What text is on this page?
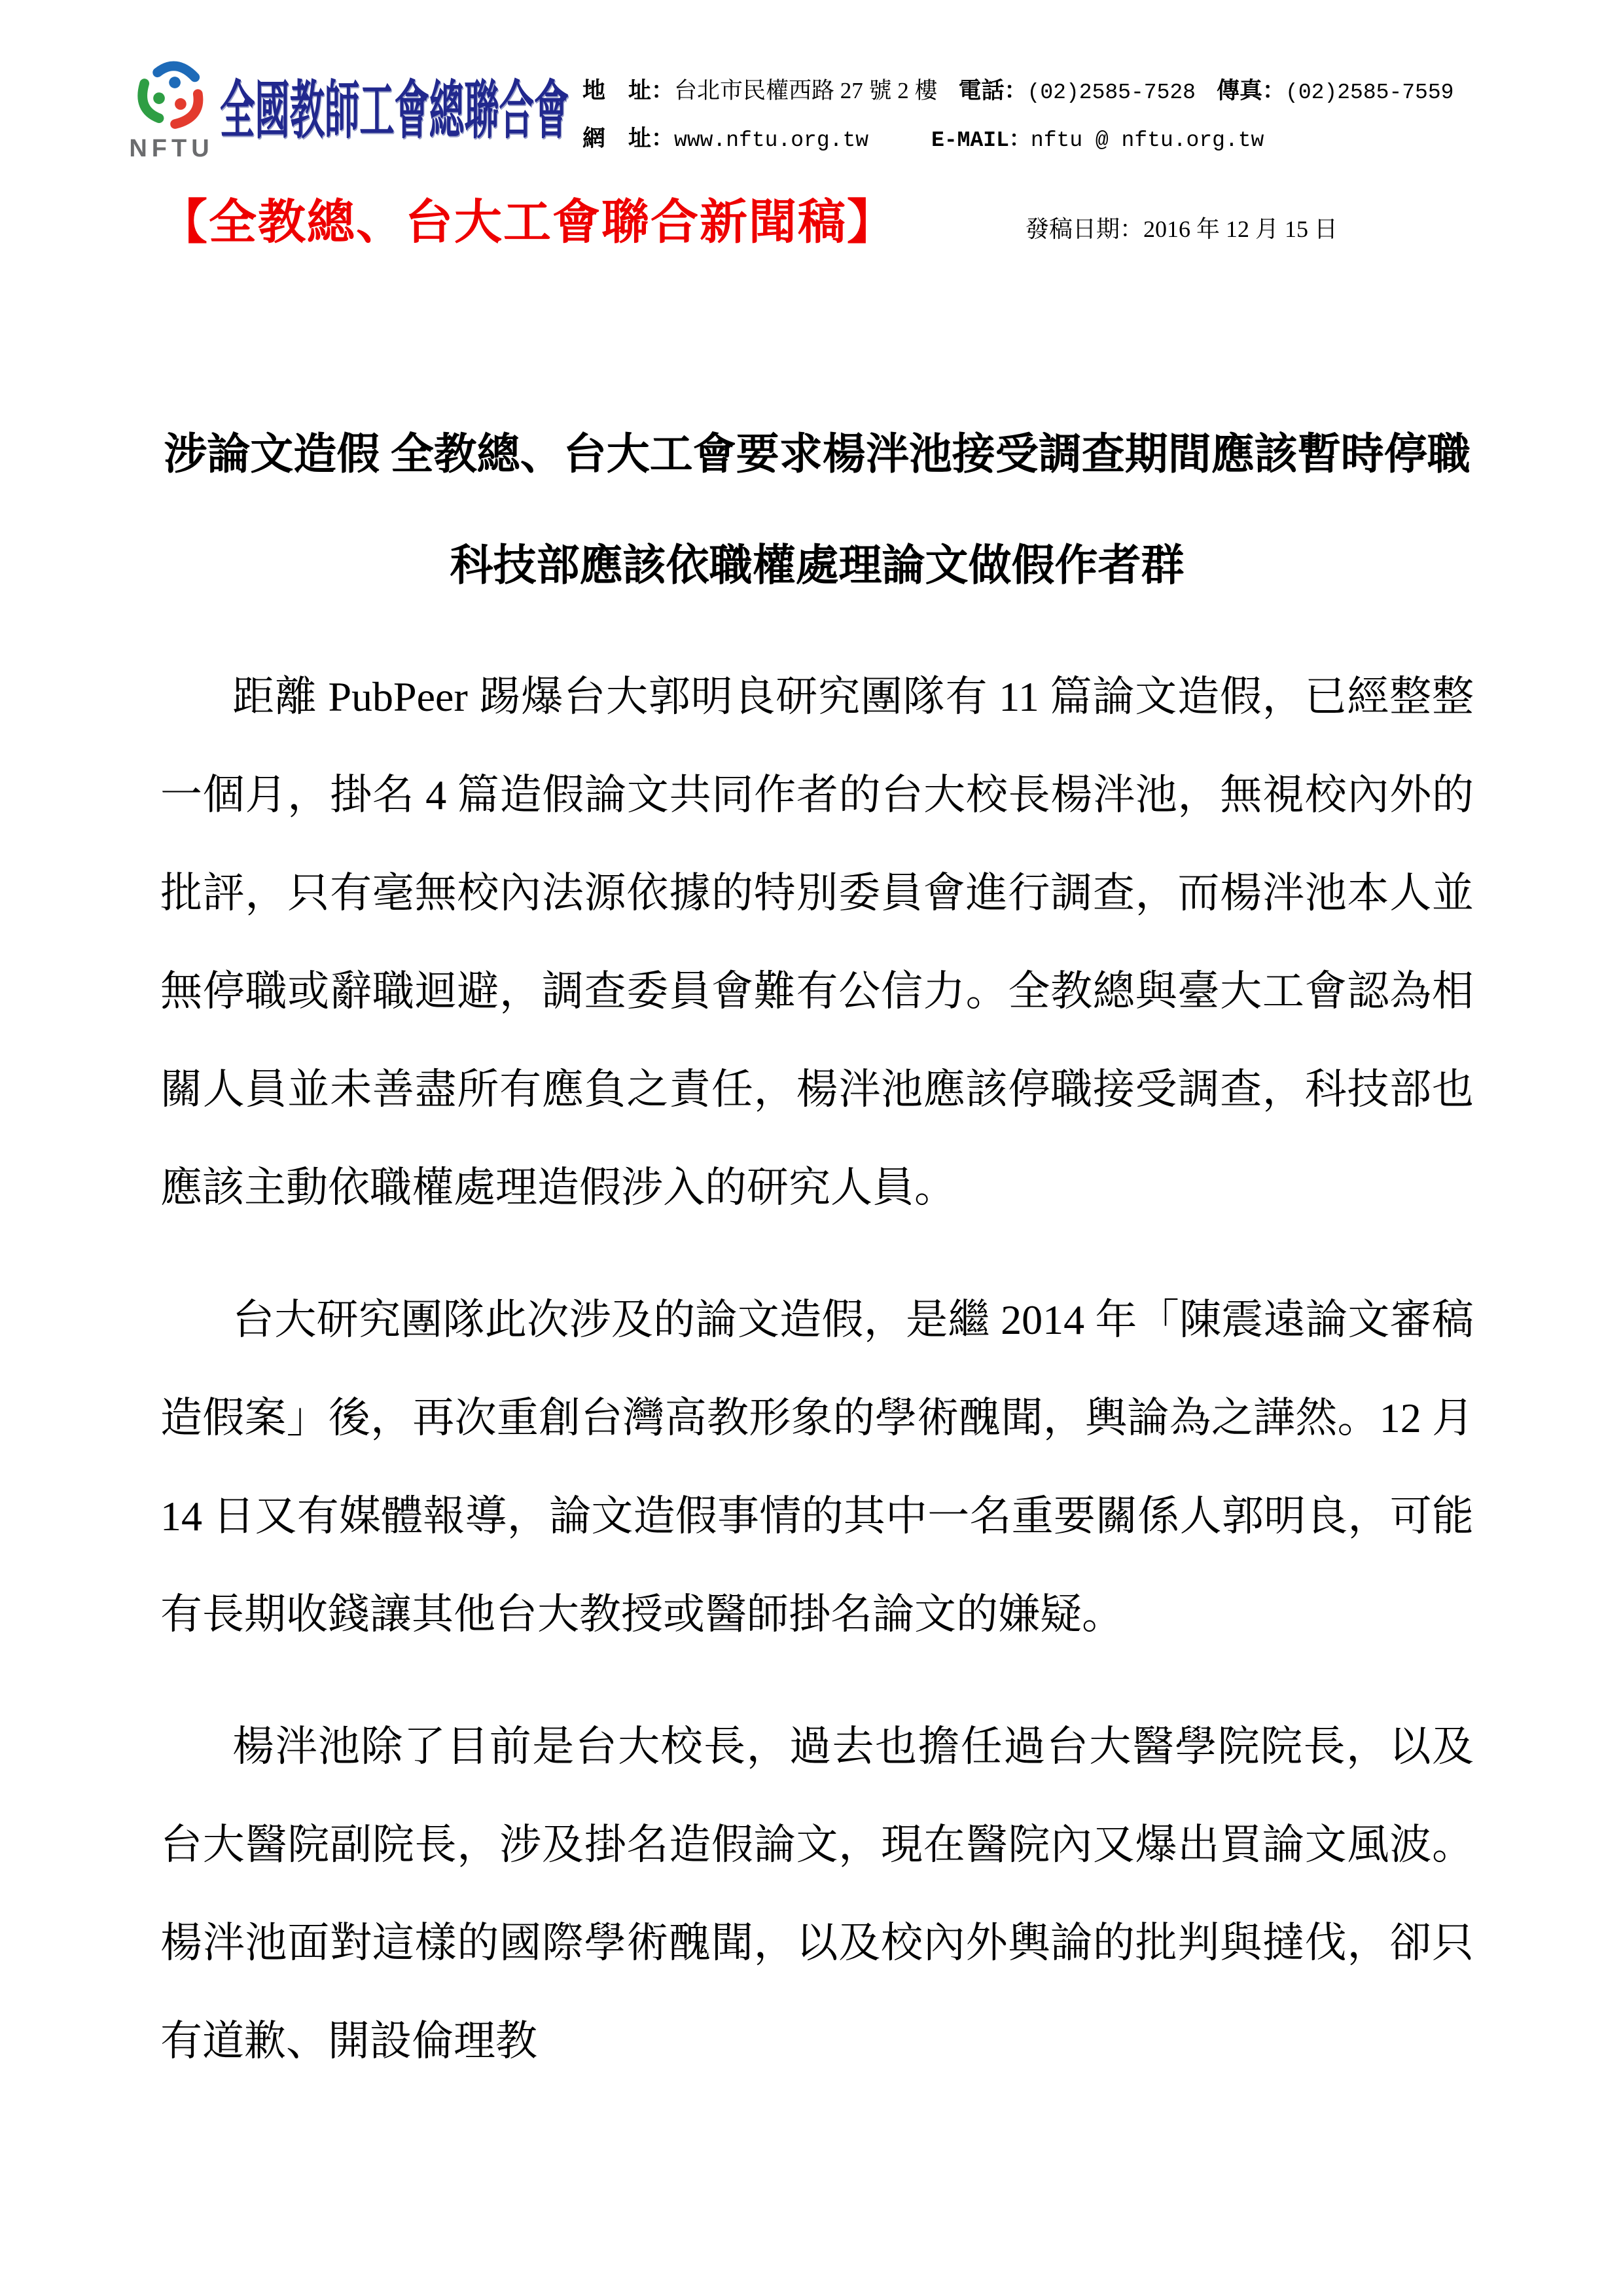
NFTU
全國教師工會總聯合會 地　址：台北市民權西路 27 號 2 樓 電話：(02)2585-7528 傳真：(02)2585-7559
網　址：www.nftu.org.tw	E-MAIL：nftu @ nftu.org.tw
【全教總、台大工會聯合新聞稿】	發稿日期：2016 年 12 月 15 日
涉論文造假 全教總、台大工會要求楊泮池接受調查期間應該暫時停職
科技部應該依職權處理論文做假作者群

距離 PubPeer 踢爆台大郭明良研究團隊有 11 篇論文造假，已經整整一個月，掛名 4 篇造假論文共同作者的台大校長楊泮池，無視校內外的批評，只有毫無校內法源依據的特別委員會進行調查，而楊泮池本人並無停職或辭職迴避，調查委員會難有公信力。全教總與臺大工會認為相關人員並未善盡所有應負之責任，楊泮池應該停職接受調查，科技部也應該主動依職權處理造假涉入的研究人員。

台大研究團隊此次涉及的論文造假，是繼 2014 年「陳震遠論文審稿造假案」後，再次重創台灣高教形象的學術醜聞，輿論為之譁然。12 月 14 日又有媒體報導，論文造假事情的其中一名重要關係人郭明良，可能有長期收錢讓其他台大教授或醫師掛名論文的嫌疑。

楊泮池除了目前是台大校長，過去也擔任過台大醫學院院長，以及台大醫院副院長，涉及掛名造假論文，現在醫院內又爆出買論文風波。楊泮池面對這樣的國際學術醜聞，以及校內外輿論的批判與撻伐，卻只有道歉、開設倫理教
